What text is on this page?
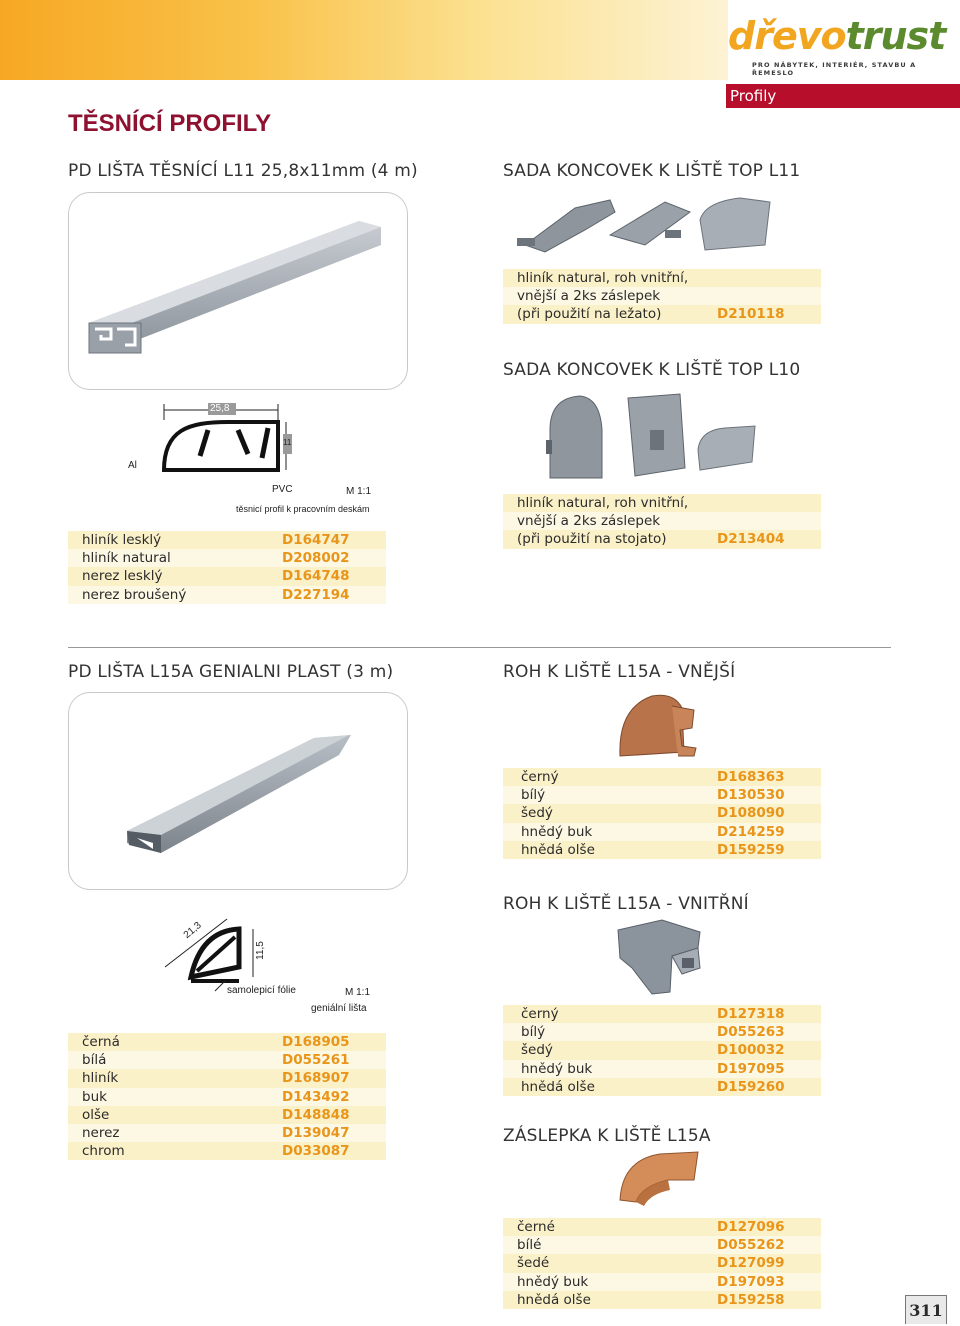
dřevotrust
PRO NÁBYTEK, INTERIÉR, STAVBU A ŘEMESLO
Profily
TĚSNÍCÍ PROFILY
PD LIŠTA TĚSNÍCÍ L11 25,8x11mm (4 m)
25,8
11
Al
PVC	M 1:1
těsnicí profil k pracovním deskám
hliník lesklý	D164747
hliník natural	D208002
nerez lesklý	D164748
nerez broušený	D227194
SADA KONCOVEK K LIŠTĚ TOP L11
hliník natural, roh vnitřní,
vnější a 2ks záslepek
(při použití na ležato)	D210118
SADA KONCOVEK K LIŠTĚ TOP L10
hliník natural, roh vnitřní,
vnější a 2ks záslepek
(při použití na stojato)	D213404
PD LIŠTA L15A GENIALNI PLAST (3 m)
21,3
11,5
samolepicí fólie	M 1:1
geniální lišta
černá	D168905
bílá	D055261
hliník	D168907
buk	D143492
olše	D148848
nerez	D139047
chrom	D033087
ROH K LIŠTĚ L15A - VNĚJŠÍ
černý	D168363
bílý	D130530
šedý	D108090
hnědý buk	D214259
hnědá olše	D159259
ROH K LIŠTĚ L15A - VNITŘNÍ
černý	D127318
bílý	D055263
šedý	D100032
hnědý buk	D197095
hnědá olše	D159260
ZÁSLEPKA K LIŠTĚ L15A
černé	D127096
bílé	D055262
šedé	D127099
hnědý buk	D197093
hnědá olše	D159258
311
